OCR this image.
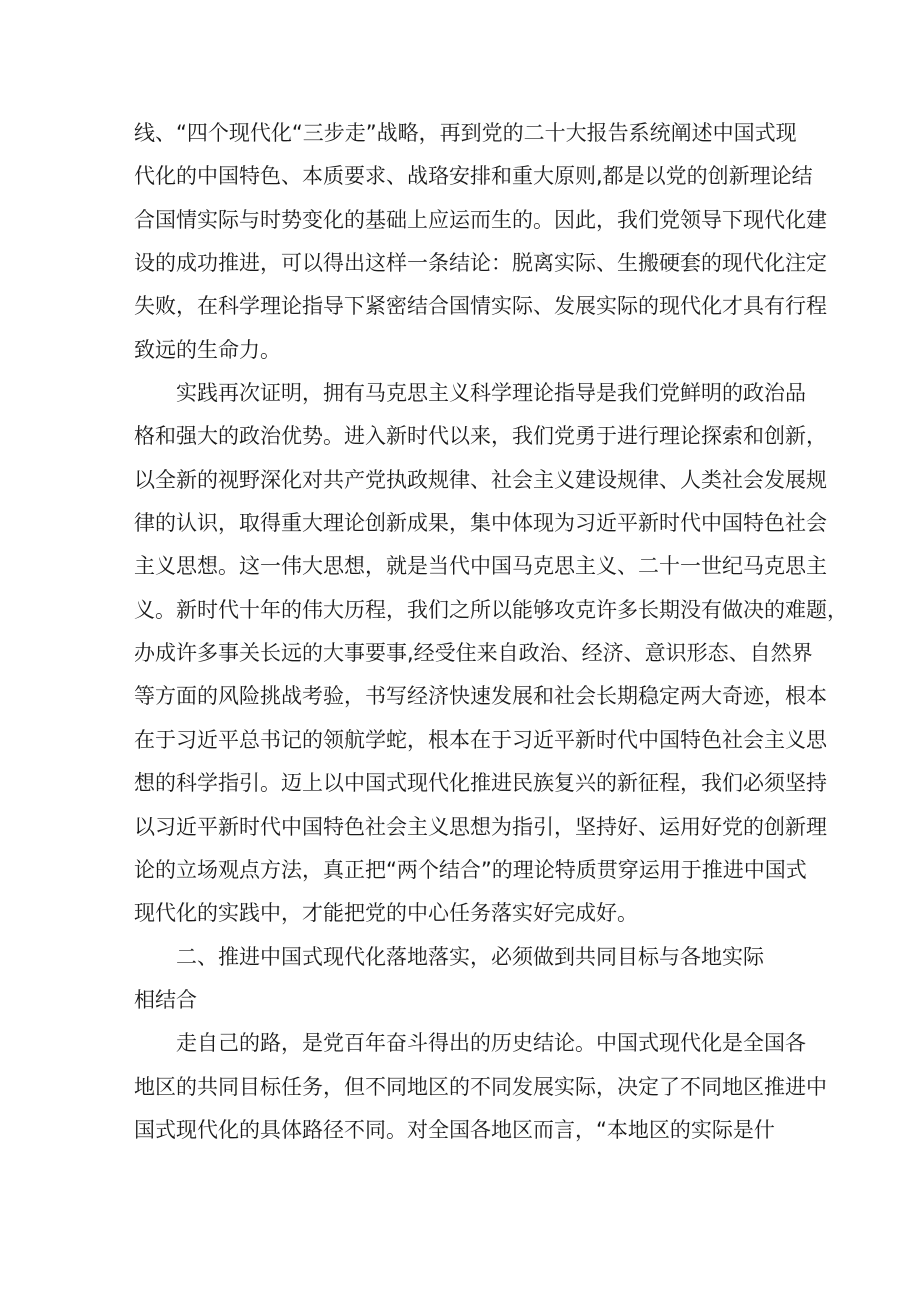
线、“四个现代化“三步走”战略，再到党的二十大报告系统阐述中国式现
代化的中国特色、本质要求、战珞安排和重大原则,都是以党的创新理论结
合国情实际与时势变化的基础上应运而生的。因此，我们党领导下现代化建
设的成功推进，可以得出这样一条结论：脱离实际、生搬硬套的现代化注定
失败，在科学理论指导下紧密结合国情实际、发展实际的现代化才具有行程
致远的生命力。
实践再次证明，拥有马克思主义科学理论指导是我们党鲜明的政治品
格和强大的政治优势。进入新时代以来，我们党勇于进行理论探索和创新，
以全新的视野深化对共产党执政规律、社会主义建设规律、人类社会发展规
律的认识，取得重大理论创新成果，集中体现为习近平新时代中国特色社会
主义思想。这一伟大思想，就是当代中国马克思主义、二十一世纪马克思主
义。新时代十年的伟大历程，我们之所以能够攻克许多长期没有做决的难题，
办成许多事关长远的大事要事,经受住来自政治、经济、意识形态、自然界
等方面的风险挑战考验，书写经济快速发展和社会长期稳定两大奇迹，根本
在于习近平总书记的领航学蛇，根本在于习近平新时代中国特色社会主义思
想的科学指引。迈上以中国式现代化推进民族复兴的新征程，我们必须坚持
以习近平新时代中国特色社会主义思想为指引，坚持好、运用好党的创新理
论的立场观点方法，真正把“两个结合”的理论特质贯穿运用于推进中国式
现代化的实践中，才能把党的中心任务落实好完成好。
二、推进中国式现代化落地落实，必须做到共同目标与各地实际
相结合
走自己的路，是党百年奋斗得出的历史结论。中国式现代化是全国各
地区的共同目标任务，但不同地区的不同发展实际，决定了不同地区推进中
国式现代化的具体路径不同。对全国各地区而言，“本地区的实际是什
